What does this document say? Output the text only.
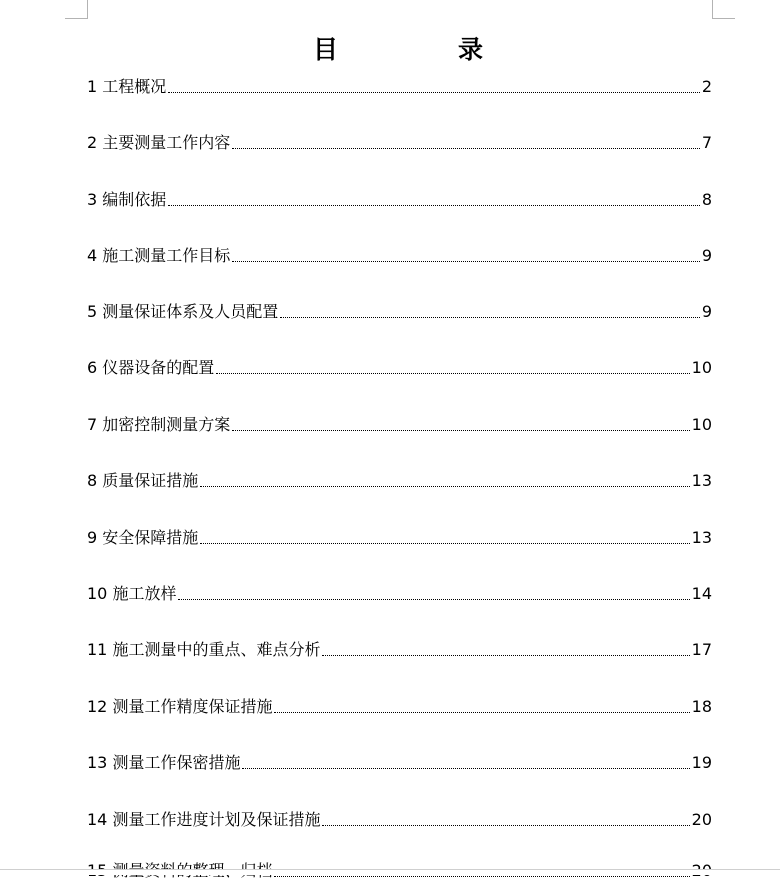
目	录
1 工程概况	2
2 主要测量工作内容	7
3 编制依据	8
4 施工测量工作目标	9
5 测量保证体系及人员配置	9
6 仪器设备的配置	10
7 加密控制测量方案	10
8 质量保证措施	13
9 安全保障措施	13
10 施工放样	14
11 施工测量中的重点、难点分析	17
12 测量工作精度保证措施	18
13 测量工作保密措施	19
14 测量工作进度计划及保证措施	20
